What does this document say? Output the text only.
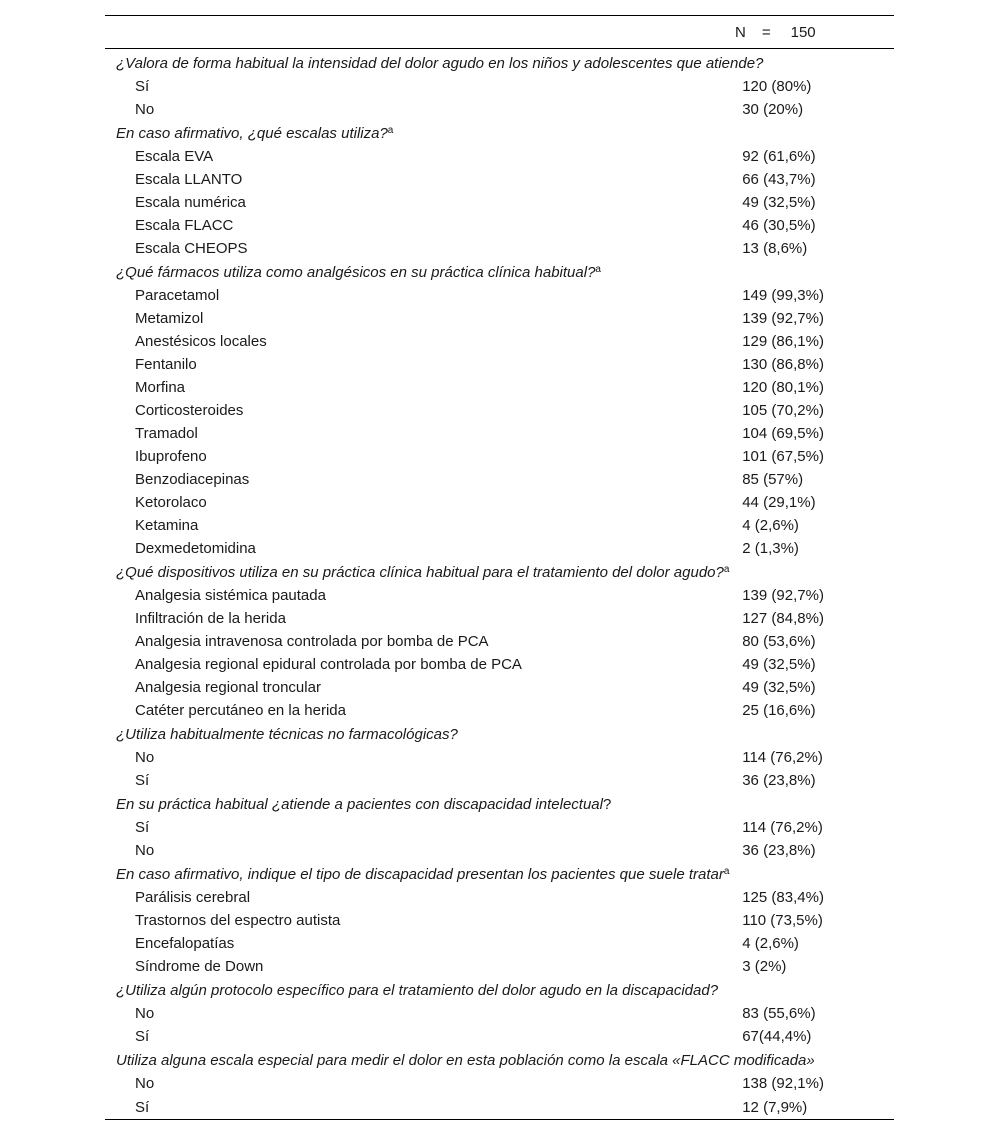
N = 150	
¿Valora de forma habitual la intensidad del dolor agudo en los niños y adolescentes que atiende?	
Sí	120 (80%)
No	30 (20%)
En caso afirmativo, ¿qué escalas utiliza?$^a$
Escala EVA	92 (61,6%)
Escala LLANTO	66 (43,7%)
Escala numérica	49 (32,5%)
Escala FLACC	46 (30,5%)
Escala CHEOPS	13 (8,6%)
¿Qué fármacos utiliza como analgésicos en su práctica clínica habitual?$^a$
Paracetamol	149 (99,3%)
Metamizol	139 (92,7%)
Anestésicos locales	129 (86,1%)
Fentanilo	130 (86,8%)
Morfina	120 (80,1%)
Corticosteroides	105 (70,2%)
Tramadol	104 (69,5%)
Ibuprofeno	101 (67,5%)
Benzodiacepinas	85 (57%)
Ketorolaco	44 (29,1%)
Ketamina	4 (2,6%)
Dexmedetomidina	2 (1,3%)
¿Qué dispositivos utiliza en su práctica clínica habitual para el tratamiento del dolor agudo?$^a$
Analgesia sistémica pautada	139 (92,7%)
Infiltración de la herida	127 (84,8%)
Analgesia intravenosa controlada por bomba de PCA	80 (53,6%)
Analgesia regional epidural controlada por bomba de PCA	49 (32,5%)
Analgesia regional troncular	49 (32,5%)
Catéter percutáneo en la herida	25 (16,6%)
¿Utiliza habitualmente técnicas no farmacológicas?	
No	114 (76,2%)
Sí	36 (23,8%)
En su práctica habitual ¿atiende a pacientes con discapacidad intelectual?	
Sí	114 (76,2%)
No	36 (23,8%)
En caso afirmativo, indique el tipo de discapacidad presentan los pacientes que suele tratar$^a$
Parálisis cerebral	125 (83,4%)
Trastornos del espectro autista	110 (73,5%)
Encefalopatías	4 (2,6%)
Síndrome de Down	3 (2%)
¿Utiliza algún protocolo específico para el tratamiento del dolor agudo en la discapacidad?	
No	83 (55,6%)
Sí	67(44,4%)
Utiliza alguna escala especial para medir el dolor en esta población como la escala «FLACC modificada»	
No	138 (92,1%)
Sí	12 (7,9%)
